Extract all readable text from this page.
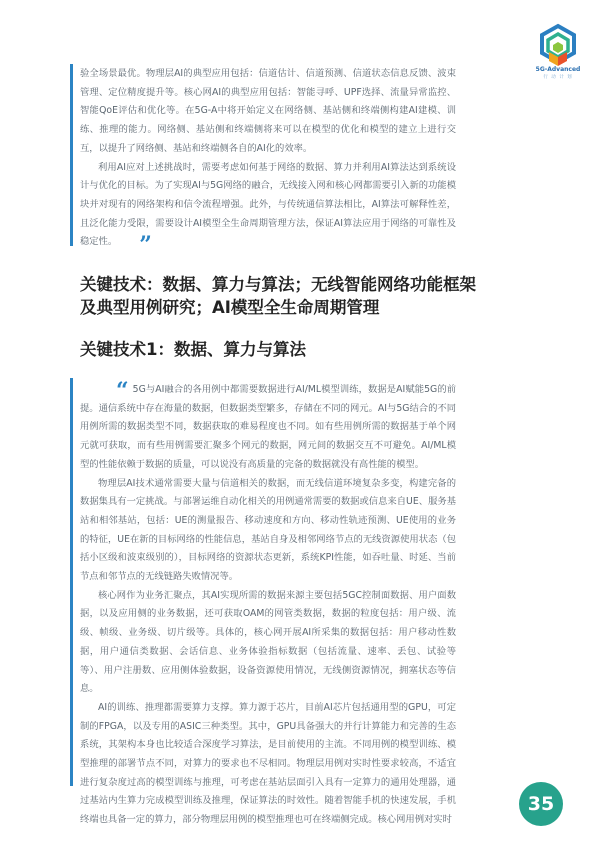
5G-Advanced
行 动 计 划

验全场景最优。物理层AI的典型应用包括：信道估计、信道预测、信道状态信息反馈、波束管理、定位精度提升等。核心网AI的典型应用包括：智能寻呼、UPF选择、流量异常监控、智能QoE评估和优化等。在5G-A中将开始定义在网络侧、基站侧和终端侧构建AI建模、训练、推理的能力。网络侧、基站侧和终端侧将来可以在模型的优化和模型的建立上进行交互，以提升了网络侧、基站和终端侧各自的AI化的效率。

利用AI应对上述挑战时，需要考虑如何基于网络的数据、算力并利用AI算法达到系统设计与优化的目标。为了实现AI与5G网络的融合，无线接入网和核心网都需要引入新的功能模块并对现有的网络架构和信令流程增强。此外，与传统通信算法相比，AI算法可解释性差，且泛化能力受限，需要设计AI模型全生命周期管理方法，保证AI算法应用于网络的可靠性及稳定性。 ”

关键技术：数据、算力与算法；无线智能网络功能框架及典型用例研究；AI模型全生命周期管理
关键技术1：数据、算力与算法

“ 5G与AI融合的各用例中都需要数据进行AI/ML模型训练，数据是AI赋能5G的前提。通信系统中存在海量的数据，但数据类型繁多，存储在不同的网元。AI与5G结合的不同用例所需的数据类型不同，数据获取的难易程度也不同。如有些用例所需的数据基于单个网元就可获取，而有些用例需要汇聚多个网元的数据，网元间的数据交互不可避免。AI/ML模型的性能依赖于数据的质量，可以说没有高质量的完备的数据就没有高性能的模型。

物理层AI技术通常需要大量与信道相关的数据，而无线信道环境复杂多变，构建完备的数据集具有一定挑战。与部署运维自动化相关的用例通常需要的数据或信息来自UE、服务基站和相邻基站，包括：UE的测量报告、移动速度和方向、移动性轨迹预测、UE使用的业务的特征，UE在新的目标网络的性能信息，基站自身及相邻网络节点的无线资源使用状态（包括小区级和波束级别的），目标网络的资源状态更新，系统KPI性能，如吞吐量、时延、当前节点和邻节点的无线链路失败情况等。

核心网作为业务汇聚点，其AI实现所需的数据来源主要包括5GC控制面数据、用户面数据，以及应用侧的业务数据，还可获取OAM的网管类数据，数据的粒度包括：用户级、流级、帧级、业务级、切片级等。具体的，核心网开展AI所采集的数据包括：用户移动性数据，用户通信类数据、会话信息、业务体验指标数据（包括流量、速率、丢包、试验等等）、用户注册数、应用侧体验数据，设备资源使用情况，无线侧资源情况，拥塞状态等信息。

AI的训练、推理都需要算力支撑。算力源于芯片，目前AI芯片包括通用型的GPU，可定制的FPGA，以及专用的ASIC三种类型。其中，GPU具备强大的并行计算能力和完善的生态系统，其架构本身也比较适合深度学习算法，是目前使用的主流。不同用例的模型训练、模型推理的部署节点不同，对算力的要求也不尽相同。物理层用例对实时性要求较高，不适宜进行复杂度过高的模型训练与推理，可考虑在基站层面引入具有一定算力的通用处理器，通过基站内生算力完成模型训练及推理，保证算法的时效性。随着智能手机的快速发展，手机终端也具备一定的算力，部分物理层用例的模型推理也可在终端侧完成。核心网用例对实时

35
